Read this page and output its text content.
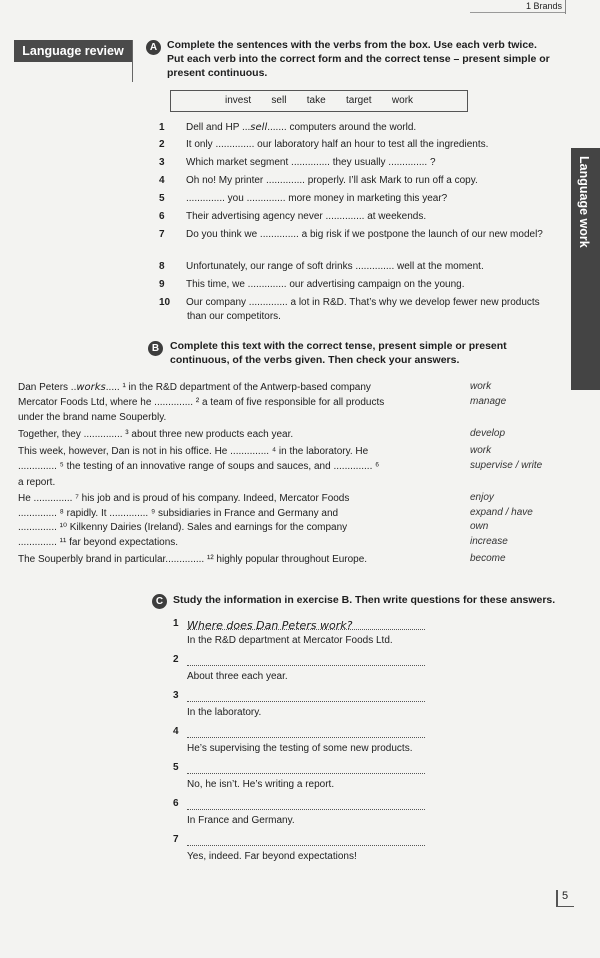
1 Brands
Language review
Language work
A Complete the sentences with the verbs from the box. Use each verb twice. Put each verb into the correct form and the correct tense – present simple or present continuous.
invest   sell   take   target   work
1 Dell and HP ...sell....... computers around the world.
2 It only .............. our laboratory half an hour to test all the ingredients.
3 Which market segment .............. they usually .............. ?
4 Oh no! My printer .............. properly. I’ll ask Mark to run off a copy.
5 .............. you .............. more money in marketing this year?
6 Their advertising agency never .............. at weekends.
7 Do you think we .............. a big risk if we postpone the launch of our new model?
8 Unfortunately, our range of soft drinks .............. well at the moment.
9 This time, we .............. our advertising campaign on the young.
10 Our company .............. a lot in R&D. That’s why we develop fewer new products than our competitors.
B	Complete this text with the correct tense, present simple or present continuous, of the verbs given. Then check your answers.
Dan Peters ..works..... ¹ in the R&D department of the Antwerp-based company
Mercator Foods Ltd, where he .............. ² a team of five responsible for all products
under the brand name Souperbly.
Together, they .............. ³ about three new products each year.
This week, however, Dan is not in his office. He .............. ⁴ in the laboratory. He
.............. ⁵ the testing of an innovative range of soups and sauces, and .............. ⁶
a report.
He .............. ⁷ his job and is proud of his company. Indeed, Mercator Foods
.............. ⁸ rapidly. It .............. ⁹ subsidiaries in France and Germany and
.............. ¹⁰ Kilkenny Dairies (Ireland). Sales and earnings for the company
.............. ¹¹ far beyond expectations.
The Souperbly brand in particular.............. ¹² highly popular throughout Europe.
work
manage
develop
work
supervise / write
enjoy
expand / have
own
increase
become
C Study the information in exercise B. Then write questions for these answers.
1 Where does Dan Peters work?
In the R&D department at Mercator Foods Ltd.
2
About three each year.
3
In the laboratory.
4
He’s supervising the testing of some new products.
5
No, he isn’t. He’s writing a report.
6
In France and Germany.
7
Yes, indeed. Far beyond expectations!
5
